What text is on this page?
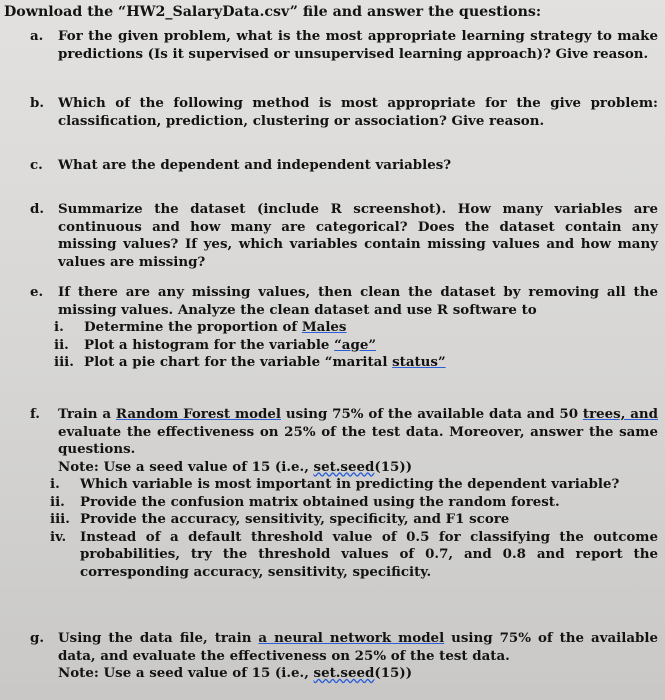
Download the “HW2_SalaryData.csv” file and answer the questions:
a.	For the given problem, what is the most appropriate learning strategy to make predictions (Is it supervised or unsupervised learning approach)? Give reason.
b.	Which of the following method is most appropriate for the give problem: classification, prediction, clustering or association? Give reason.
c.	What are the dependent and independent variables?
d.	Summarize the dataset (include R screenshot). How many variables are continuous and how many are categorical? Does the dataset contain any missing values? If yes, which variables contain missing values and how many values are missing?
e.	If there are any missing values, then clean the dataset by removing all the missing values. Analyze the clean dataset and use R software to
i.	Determine the proportion of Males
ii.	Plot a histogram for the variable “age”
iii. Plot a pie chart for the variable “marital status”
f.	Train a Random Forest model using 75% of the available data and 50 trees, and evaluate the effectiveness on 25% of the test data. Moreover, answer the same questions.
Note: Use a seed value of 15 (i.e., set.seed(15))
i.	Which variable is most important in predicting the dependent variable?
ii.	Provide the confusion matrix obtained using the random forest.
iii. Provide the accuracy, sensitivity, specificity, and F1 score
iv.	Instead of a default threshold value of 0.5 for classifying the outcome probabilities, try the threshold values of 0.7, and 0.8 and report the corresponding accuracy, sensitivity, specificity.
g.	Using the data file, train a neural network model using 75% of the available data, and evaluate the effectiveness on 25% of the test data.
Note: Use a seed value of 15 (i.e., set.seed(15))
